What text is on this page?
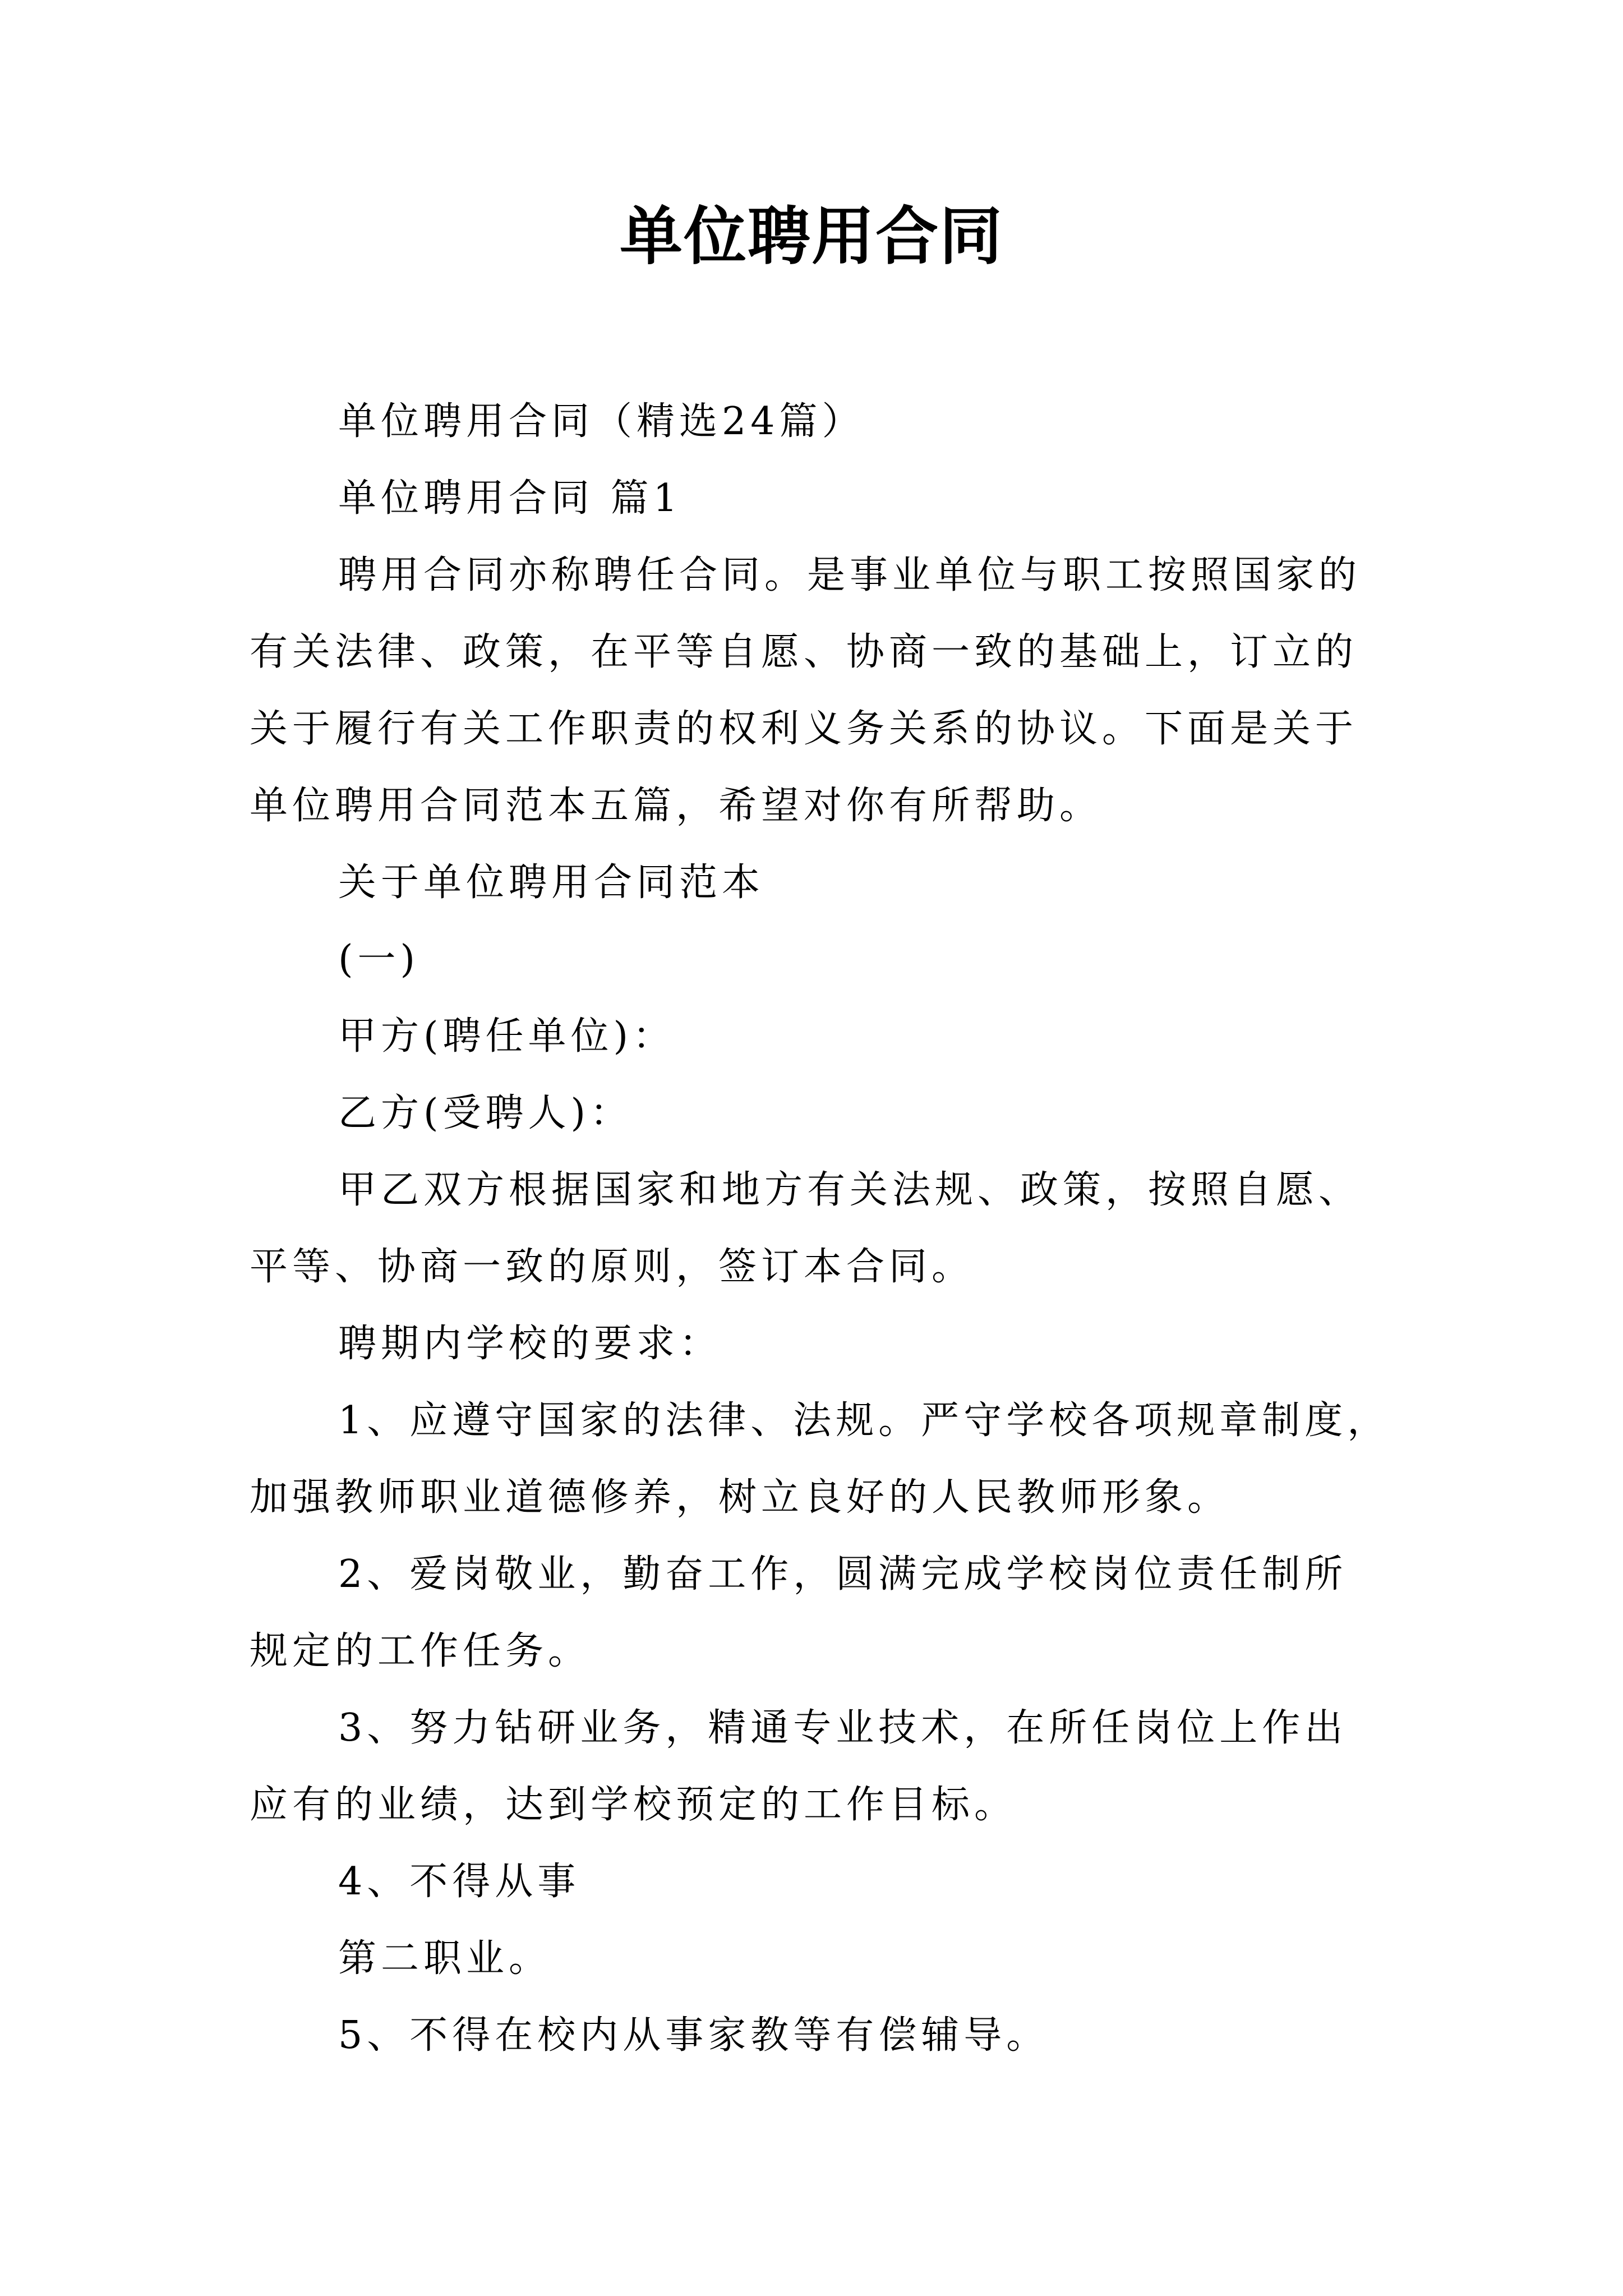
单位聘用合同

单位聘用合同（精选24篇）

单位聘用合同 篇1

聘用合同亦称聘任合同。是事业单位与职工按照国家的

有关法律、政策，在平等自愿、协商一致的基础上，订立的

关于履行有关工作职责的权利义务关系的协议。下面是关于

单位聘用合同范本五篇，希望对你有所帮助。

关于单位聘用合同范本

(一)

甲方(聘任单位)：

乙方(受聘人)：

甲乙双方根据国家和地方有关法规、政策，按照自愿、

平等、协商一致的原则，签订本合同。

聘期内学校的要求：

1、应遵守国家的法律、法规。严守学校各项规章制度，

加强教师职业道德修养，树立良好的人民教师形象。

2、爱岗敬业，勤奋工作，圆满完成学校岗位责任制所

规定的工作任务。

3、努力钻研业务，精通专业技术，在所任岗位上作出

应有的业绩，达到学校预定的工作目标。

4、不得从事

第二职业。

5、不得在校内从事家教等有偿辅导。
